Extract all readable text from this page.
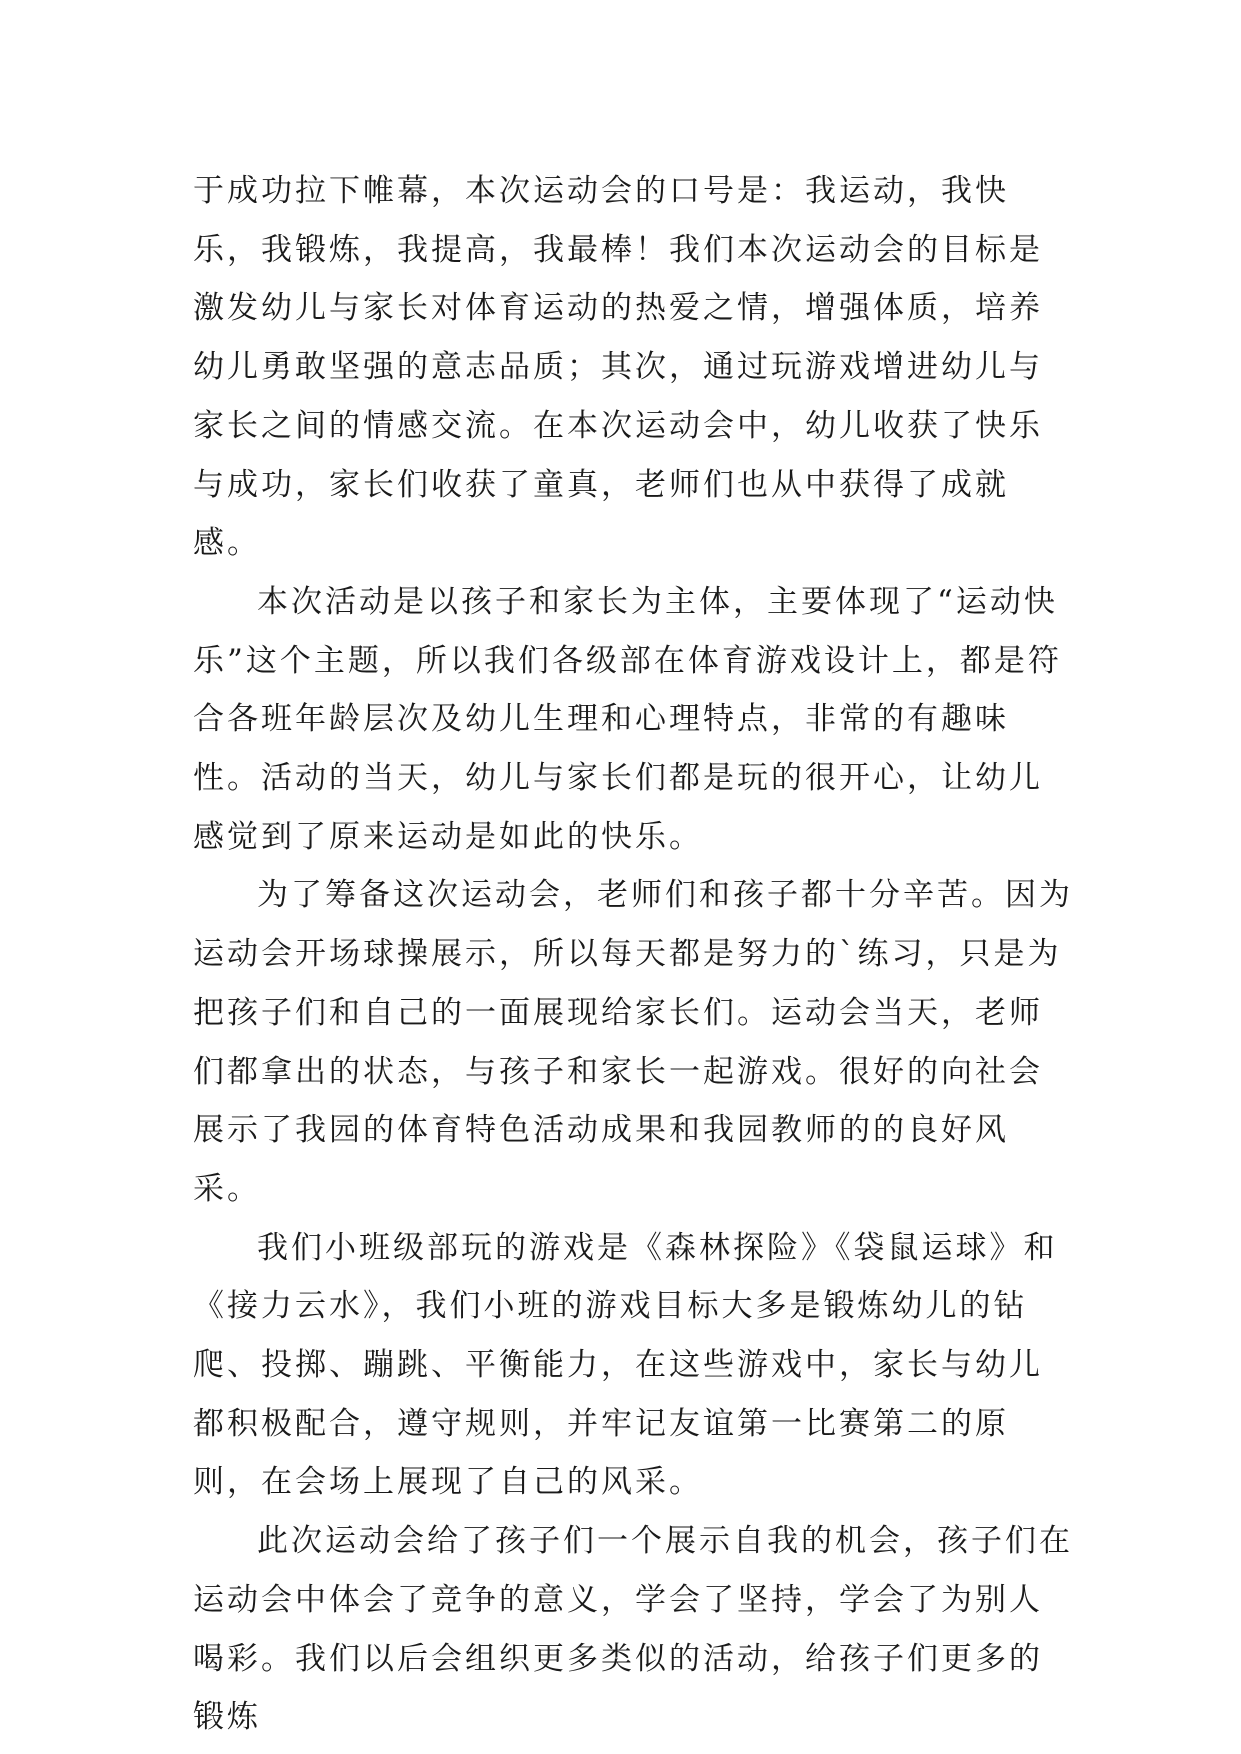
于成功拉下帷幕，本次运动会的口号是：我运动，我快乐，我锻炼，我提高，我最棒！我们本次运动会的目标是激发幼儿与家长对体育运动的热爱之情，增强体质，培养幼儿勇敢坚强的意志品质；其次，通过玩游戏增进幼儿与家长之间的情感交流。在本次运动会中，幼儿收获了快乐与成功，家长们收获了童真，老师们也从中获得了成就感。

本次活动是以孩子和家长为主体，主要体现了“运动快乐”这个主题，所以我们各级部在体育游戏设计上，都是符合各班年龄层次及幼儿生理和心理特点，非常的有趣味性。活动的当天，幼儿与家长们都是玩的很开心，让幼儿感觉到了原来运动是如此的快乐。

为了筹备这次运动会，老师们和孩子都十分辛苦。因为运动会开场球操展示，所以每天都是努力的`练习，只是为把孩子们和自己的一面展现给家长们。运动会当天，老师们都拿出的状态，与孩子和家长一起游戏。很好的向社会展示了我园的体育特色活动成果和我园教师的的良好风采。

我们小班级部玩的游戏是《森林探险》《袋鼠运球》和《接力云水》，我们小班的游戏目标大多是锻炼幼儿的钻爬、投掷、蹦跳、平衡能力，在这些游戏中，家长与幼儿都积极配合，遵守规则，并牢记友谊第一比赛第二的原则，在会场上展现了自己的风采。

此次运动会给了孩子们一个展示自我的机会，孩子们在运动会中体会了竞争的意义，学会了坚持，学会了为别人喝彩。我们以后会组织更多类似的活动，给孩子们更多的锻炼
